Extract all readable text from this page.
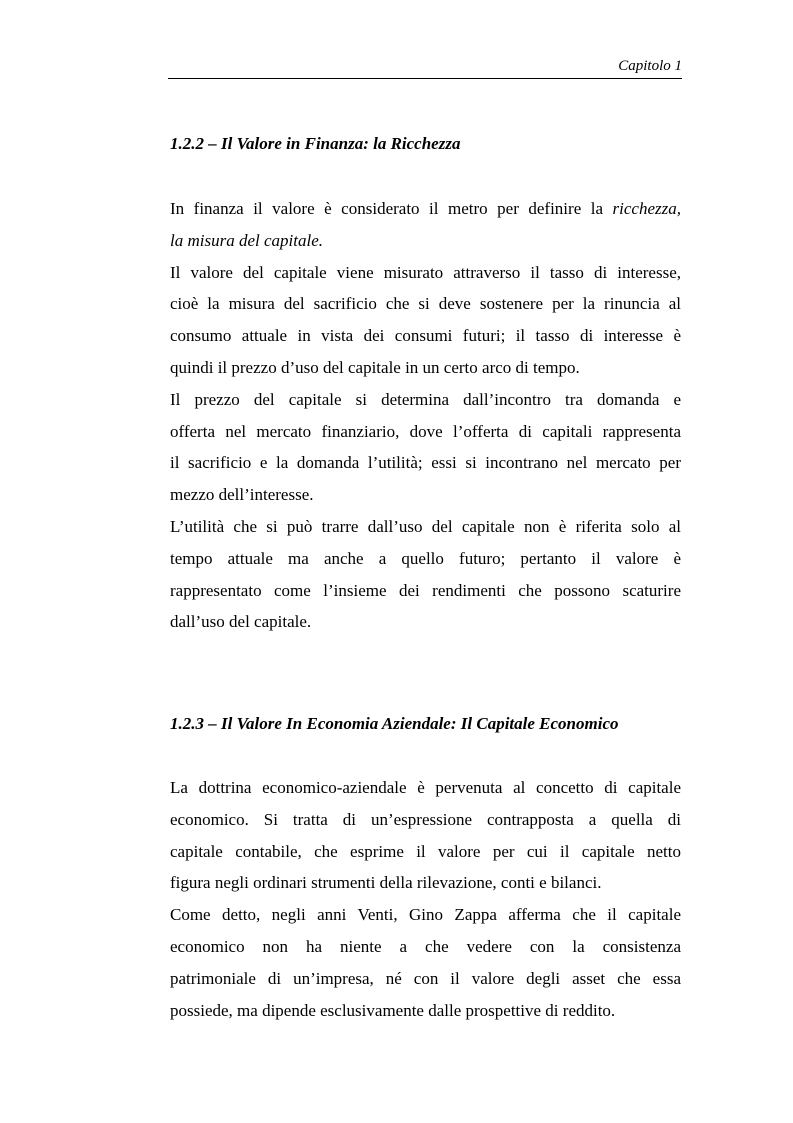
Capitolo 1
1.2.2 – Il Valore in Finanza: la Ricchezza
In finanza il valore è considerato il metro per definire la ricchezza,
la misura del capitale.
Il valore del capitale viene misurato attraverso il tasso di interesse,
cioè la misura del sacrificio che si deve sostenere per la rinuncia al
consumo attuale in vista dei consumi futuri; il tasso di interesse è
quindi il prezzo d’uso del capitale in un certo arco di tempo.
Il prezzo del capitale si determina dall’incontro tra domanda e
offerta nel mercato finanziario, dove l’offerta di capitali rappresenta
il sacrificio e la domanda l’utilità; essi si incontrano nel mercato per
mezzo dell’interesse.
L’utilità che si può trarre dall’uso del capitale non è riferita solo al
tempo attuale ma anche a quello futuro; pertanto il valore è
rappresentato come l’insieme dei rendimenti che possono scaturire
dall’uso del capitale.
1.2.3 – Il Valore In Economia Aziendale: Il Capitale Economico
La dottrina economico-aziendale è pervenuta al concetto di capitale
economico. Si tratta di un’espressione contrapposta a quella di
capitale contabile, che esprime il valore per cui il capitale netto
figura negli ordinari strumenti della rilevazione, conti e bilanci.
Come detto, negli anni Venti, Gino Zappa afferma che il capitale
economico non ha niente a che vedere con la consistenza
patrimoniale di un’impresa, né con il valore degli asset che essa
possiede, ma dipende esclusivamente dalle prospettive di reddito.
